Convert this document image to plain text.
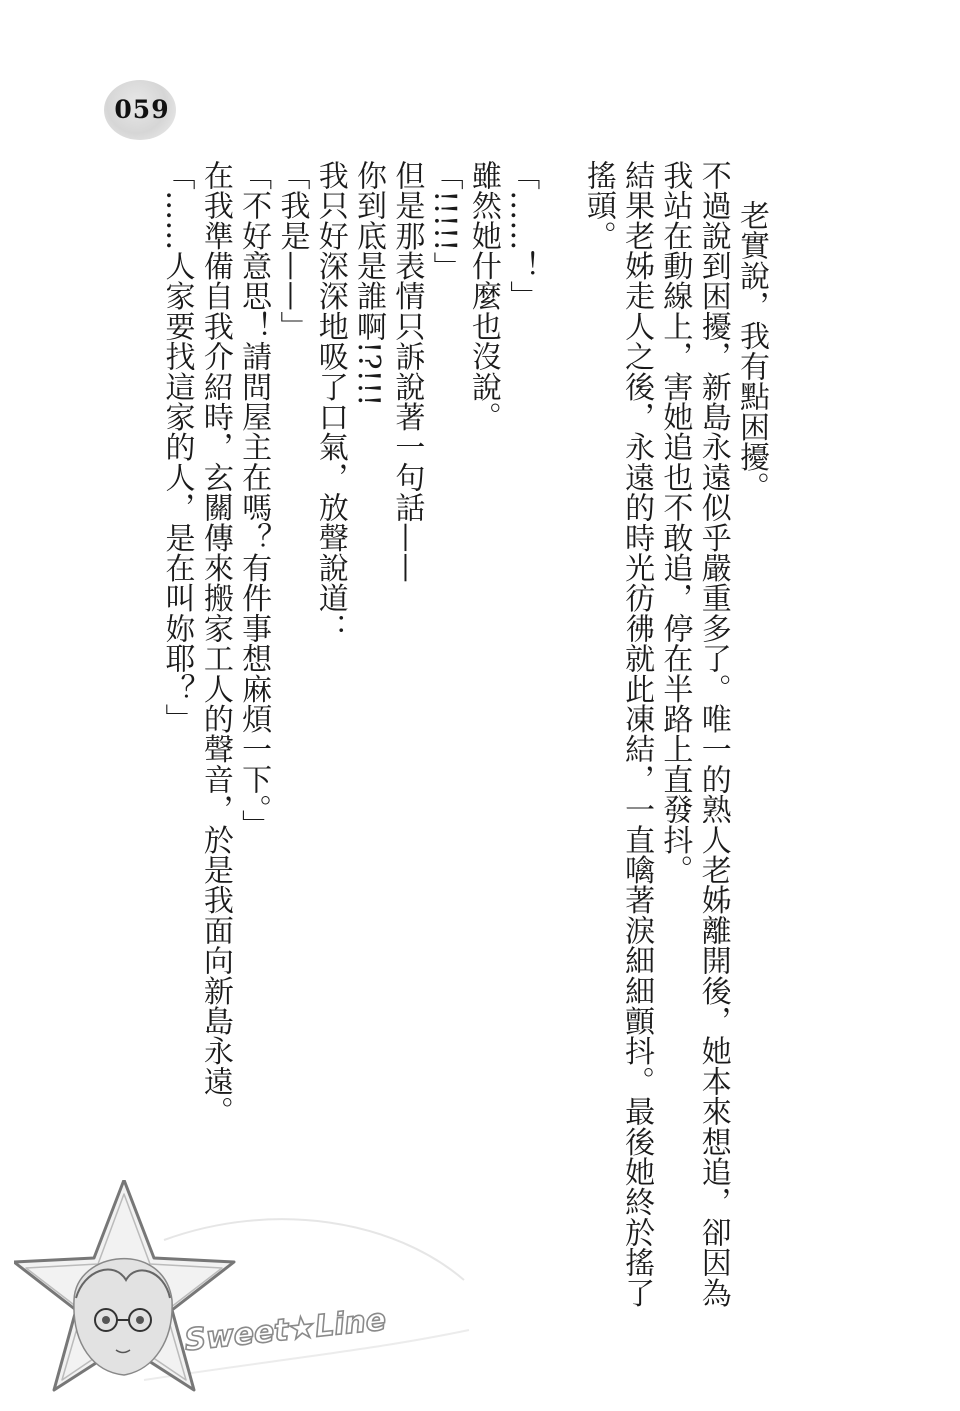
059
老實說，我有點困擾。
不過說到困擾，新島永遠似乎嚴重多了。唯一的熟人老姊離開後，她本來想追，卻因為
我站在動線上，害她追也不敢追，停在半路上直發抖。
結果老姊走人之後，永遠的時光彷彿就此凍結，一直噙著淚細細顫抖。最後她終於搖了
搖頭。

「……！」
雖然她什麼也沒說。
「!!!!!」
但是那表情只訴說著一句話——
你到底是誰啊!?!!!
我只好深深地吸了口氣，放聲說道：
「我是——」
「不好意思！請問屋主在嗎？有件事想麻煩一下。」
在我準備自我介紹時，玄關傳來搬家工人的聲音，於是我面向新島永遠。
「……人家要找這家的人，是在叫妳耶？」
Sweet★Line
